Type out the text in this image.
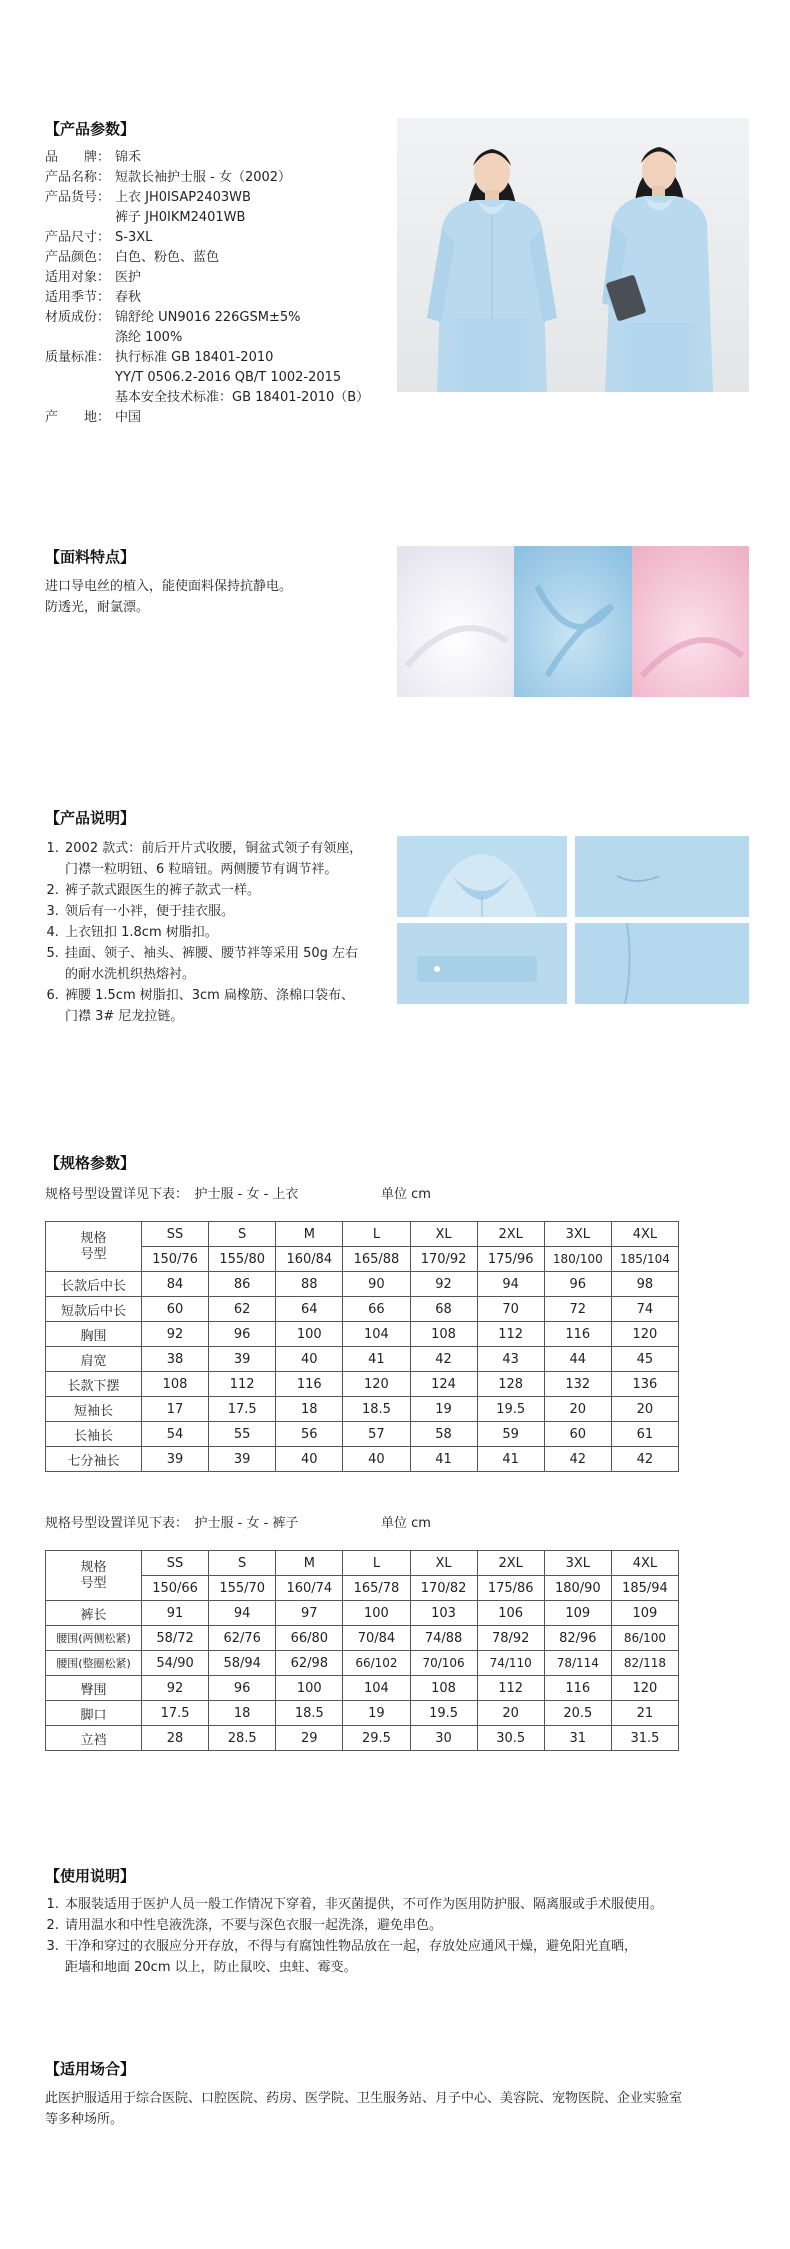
【产品参数】
品　　牌： 锦禾
产品名称： 短款长袖护士服 - 女（2002）
产品货号： 上衣 JH0ISAP2403WB
裤子 JH0IKM2401WB
产品尺寸： S-3XL
产品颜色： 白色、粉色、蓝色
适用对象： 医护
适用季节： 春秋
材质成份： 锦舒纶 UN9016 226GSM±5%
涤纶 100%
质量标准： 执行标准 GB 18401-2010
YY/T 0506.2-2016 QB/T 1002-2015
基本安全技术标准：GB 18401-2010（B）
产　　地： 中国
【面料特点】
进口导电丝的植入，能使面料保持抗静电。
防透光，耐氯漂。
【产品说明】
1. 2002 款式：前后开片式收腰，铜盆式领子有领座，
门襟一粒明钮、6 粒暗钮。两侧腰节有调节袢。
2. 裤子款式跟医生的裤子款式一样。
3. 领后有一小袢，便于挂衣服。
4. 上衣钮扣 1.8cm 树脂扣。
5. 挂面、领子、袖头、裤腰、腰节袢等采用 50g 左右
的耐水洗机织热熔衬。
6. 裤腰 1.5cm 树脂扣、3cm 扁橡筋、涤棉口袋布、
门襟 3# 尼龙拉链。
【规格参数】
规格号型设置详见下表：　护士服 - 女 - 上衣	单位 cm
规格
号型	SS	S	M	L	XL	2XL	3XL	4XL
	150/76	155/80	160/84	165/88	170/92	175/96	180/100	185/104
长款后中长	84	86	88	90	92	94	96	98
短款后中长	60	62	64	66	68	70	72	74
胸围	92	96	100	104	108	112	116	120
肩宽	38	39	40	41	42	43	44	45
长款下摆	108	112	116	120	124	128	132	136
短袖长	17	17.5	18	18.5	19	19.5	20	20
长袖长	54	55	56	57	58	59	60	61
七分袖长	39	39	40	40	41	41	42	42
规格号型设置详见下表：　护士服 - 女 - 裤子	单位 cm
规格
号型	SS	S	M	L	XL	2XL	3XL	4XL
	150/66	155/70	160/74	165/78	170/82	175/86	180/90	185/94
裤长	91	94	97	100	103	106	109	109
腰围(两侧松紧)	58/72	62/76	66/80	70/84	74/88	78/92	82/96	86/100
腰围(整圈松紧)	54/90	58/94	62/98	66/102	70/106	74/110	78/114	82/118
臀围	92	96	100	104	108	112	116	120
脚口	17.5	18	18.5	19	19.5	20	20.5	21
立裆	28	28.5	29	29.5	30	30.5	31	31.5
【使用说明】
1. 本服装适用于医护人员一般工作情况下穿着，非灭菌提供，不可作为医用防护服、隔离服或手术服使用。
2. 请用温水和中性皂液洗涤，不要与深色衣服一起洗涤，避免串色。
3. 干净和穿过的衣服应分开存放，不得与有腐蚀性物品放在一起，存放处应通风干燥，避免阳光直晒，
距墙和地面 20cm 以上，防止鼠咬、虫蛀、霉变。
【适用场合】
此医护服适用于综合医院、口腔医院、药房、医学院、卫生服务站、月子中心、美容院、宠物医院、企业实验室
等多种场所。
